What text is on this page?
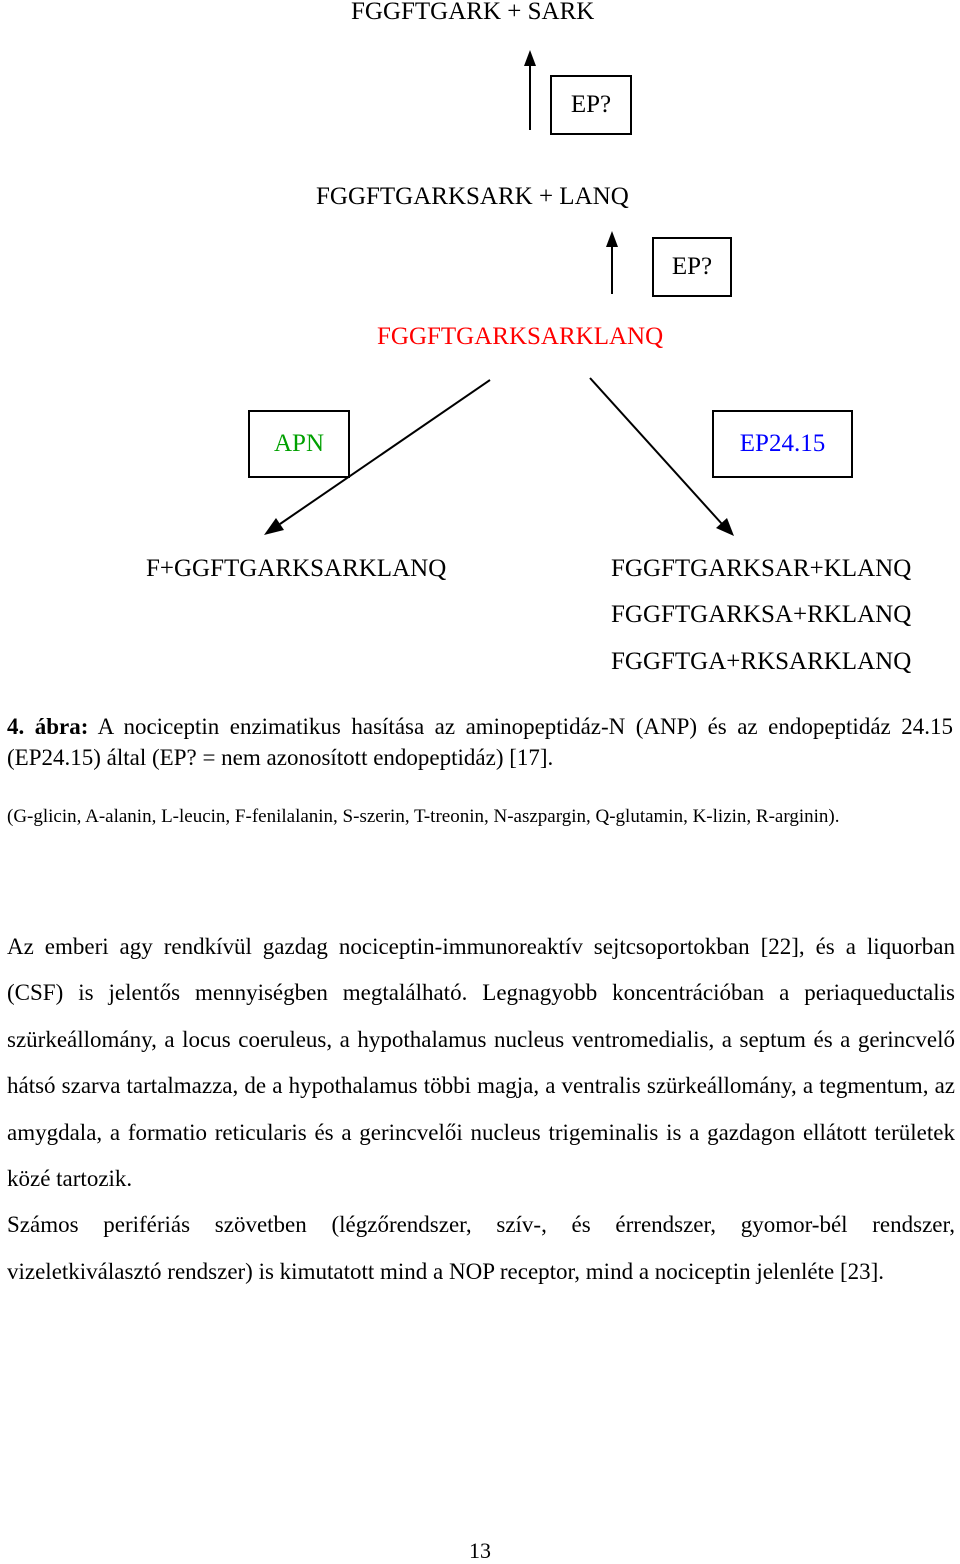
FGGFTGARK + SARK
EP?
FGGFTGARKSARK + LANQ
EP?
FGGFTGARKSARKLANQ
APN	EP24.15
F+GGFTGARKSARKLANQ	FGGFTGARKSAR+KLANQ
FGGFTGARKSA+RKLANQ
FGGFTGA+RKSARKLANQ
4. ábra: A nociceptin enzimatikus hasítása az aminopeptidáz-N (ANP) és az endopeptidáz 24.15 (EP24.15) által (EP? = nem azonosított endopeptidáz) [17].
(G-glicin, A-alanin, L-leucin, F-fenilalanin, S-szerin, T-treonin, N-aszpargin, Q-glutamin, K-lizin, R-arginin).

Az emberi agy rendkívül gazdag nociceptin-immunoreaktív sejtcsoportokban [22], és a liquorban (CSF) is jelentős mennyiségben megtalálható. Legnagyobb koncentrációban a periaqueductalis szürkeállomány, a locus coeruleus, a hypothalamus nucleus ventromedialis, a septum és a gerincvelő hátsó szarva tartalmazza, de a hypothalamus többi magja, a ventralis szürkeállomány, a tegmentum, az amygdala, a formatio reticularis és a gerincvelői nucleus trigeminalis is a gazdagon ellátott területek közé tartozik.

Számos perifériás szövetben (légzőrendszer, szív-, és érrendszer, gyomor-bél rendszer, vizeletkiválasztó rendszer) is kimutatott mind a NOP receptor, mind a nociceptin jelenléte [23].

13
